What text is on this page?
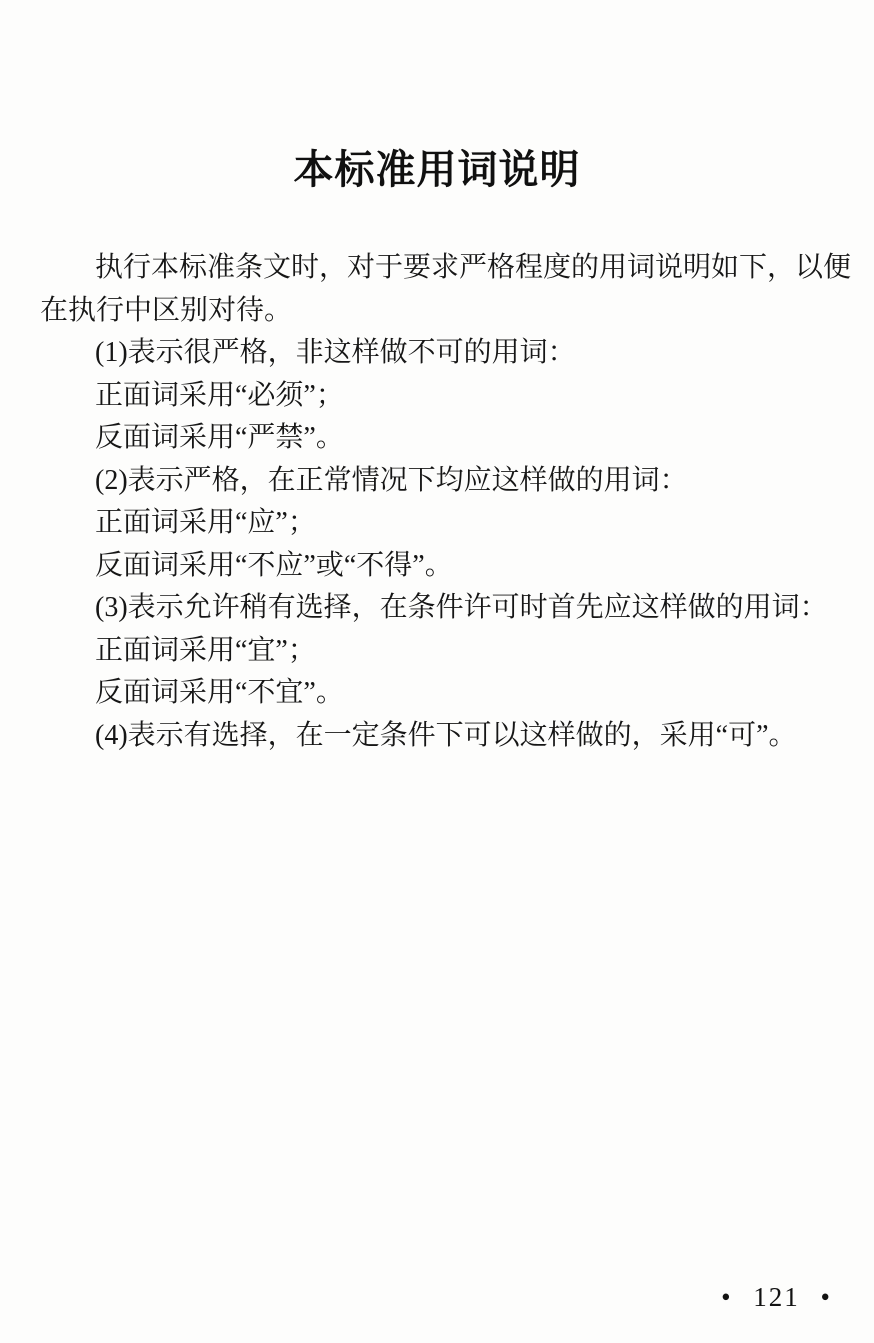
本标准用词说明
执行本标准条文时，对于要求严格程度的用词说明如下，以便
在执行中区别对待。
(1)表示很严格，非这样做不可的用词：
正面词采用“必须”；
反面词采用“严禁”。
(2)表示严格，在正常情况下均应这样做的用词：
正面词采用“应”；
反面词采用“不应”或“不得”。
(3)表示允许稍有选择，在条件许可时首先应这样做的用词：
正面词采用“宜”；
反面词采用“不宜”。
(4)表示有选择，在一定条件下可以这样做的，采用“可”。
• 121 •
